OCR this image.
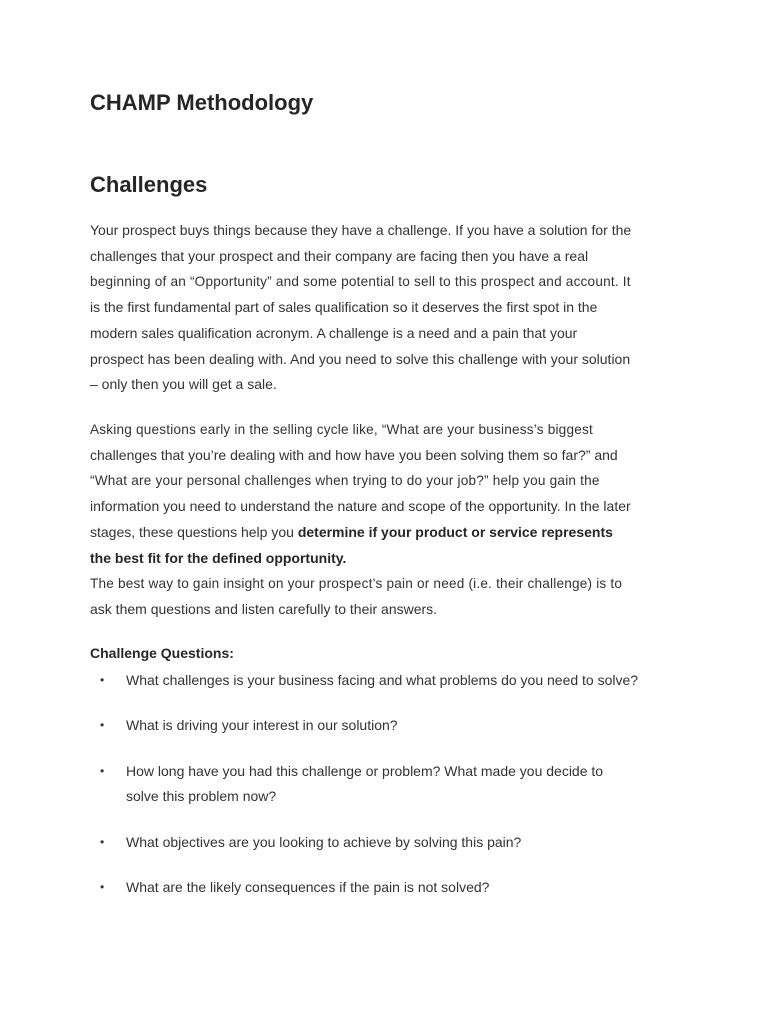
CHAMP Methodology
Challenges

Your prospect buys things because they have a challenge. If you have a solution for the
challenges that your prospect and their company are facing then you have a real
beginning of an “Opportunity” and some potential to sell to this prospect and account. It
is the first fundamental part of sales qualification so it deserves the first spot in the
modern sales qualification acronym. A challenge is a need and a pain that your
prospect has been dealing with. And you need to solve this challenge with your solution
– only then you will get a sale.

Asking questions early in the selling cycle like, “What are your business’s biggest
challenges that you’re dealing with and how have you been solving them so far?” and
“What are your personal challenges when trying to do your job?” help you gain the
information you need to understand the nature and scope of the opportunity. In the later
stages, these questions help you determine if your product or service represents
the best fit for the defined opportunity.

The best way to gain insight on your prospect’s pain or need (i.e. their challenge) is to
ask them questions and listen carefully to their answers.

Challenge Questions:
• What challenges is your business facing and what problems do you need to solve?
• What is driving your interest in our solution?
• How long have you had this challenge or problem? What made you decide to
solve this problem now?
• What objectives are you looking to achieve by solving this pain?
• What are the likely consequences if the pain is not solved?
